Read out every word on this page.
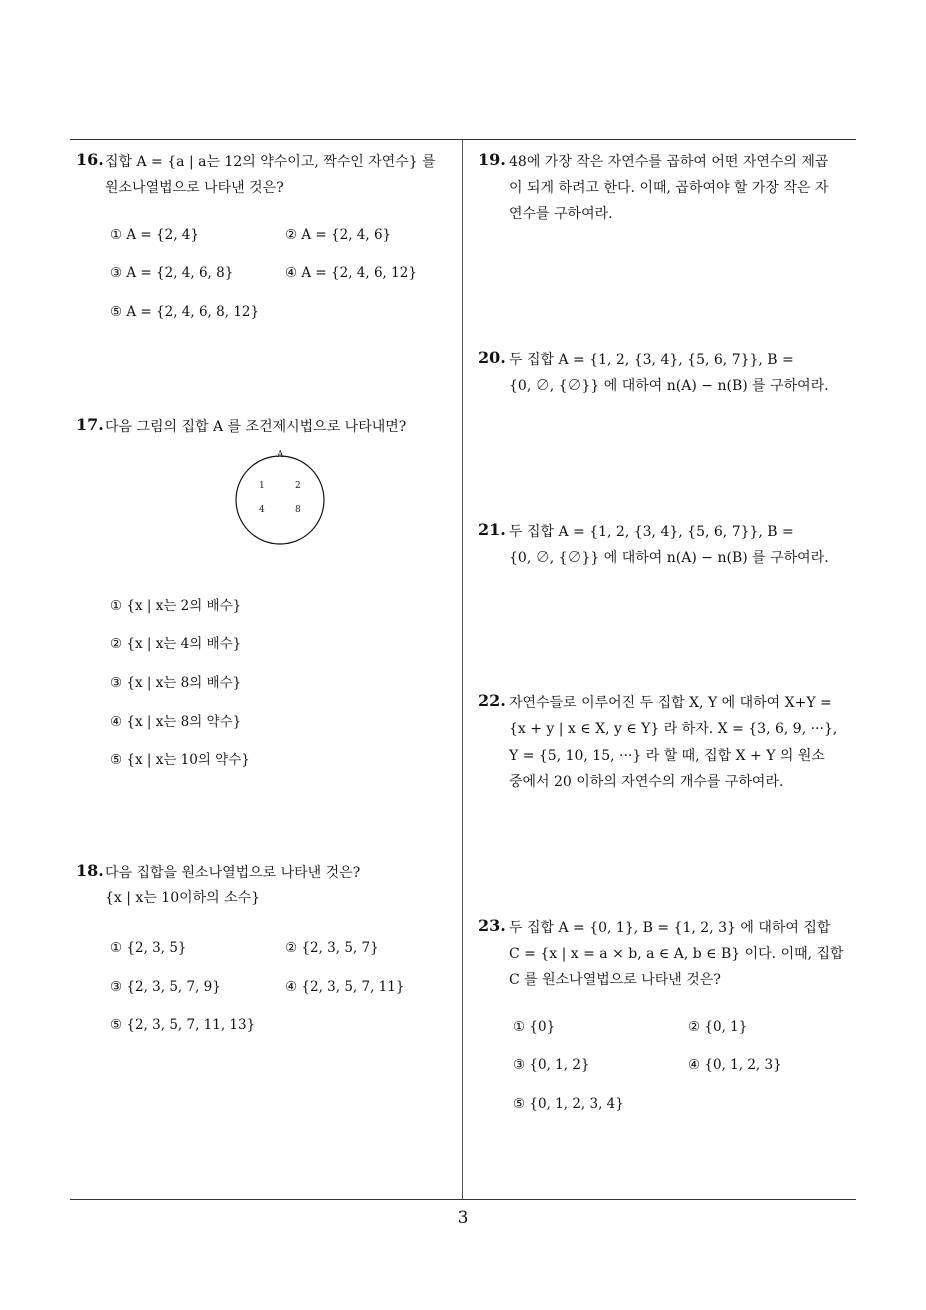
16. 집합 A = {a | a는 12의 약수이고, 짝수인 자연수} 를
원소나열법으로 나타낸 것은?
① A = {2, 4}	② A = {2, 4, 6}
③ A = {2, 4, 6, 8}	④ A = {2, 4, 6, 12}
⑤ A = {2, 4, 6, 8, 12}
17. 다음 그림의 집합 A 를 조건제시법으로 나타내면?
A
1	2
4	8
① {x | x는 2의 배수}
② {x | x는 4의 배수}
③ {x | x는 8의 배수}
④ {x | x는 8의 약수}
⑤ {x | x는 10의 약수}
18. 다음 집합을 원소나열법으로 나타낸 것은?
{x | x는 10이하의 소수}
① {2, 3, 5}	② {2, 3, 5, 7}
③ {2, 3, 5, 7, 9}	④ {2, 3, 5, 7, 11}
⑤ {2, 3, 5, 7, 11, 13}
19. 48에 가장 작은 자연수를 곱하여 어떤 자연수의 제곱
이 되게 하려고 한다. 이때, 곱하여야 할 가장 작은 자
연수를 구하여라.
20. 두 집합 A = {1, 2, {3, 4}, {5, 6, 7}}, B =
{0, ∅, {∅}} 에 대하여 n(A) − n(B) 를 구하여라.
21. 두 집합 A = {1, 2, {3, 4}, {5, 6, 7}}, B =
{0, ∅, {∅}} 에 대하여 n(A) − n(B) 를 구하여라.
22. 자연수들로 이루어진 두 집합 X, Y 에 대하여 X+Y =
{x + y | x ∈ X, y ∈ Y} 라 하자. X = {3, 6, 9, ···},
Y = {5, 10, 15, ···} 라 할 때, 집합 X + Y 의 원소
중에서 20 이하의 자연수의 개수를 구하여라.
23. 두 집합 A = {0, 1}, B = {1, 2, 3} 에 대하여 집합
C = {x | x = a × b, a ∈ A, b ∈ B} 이다. 이때, 집합
C 를 원소나열법으로 나타낸 것은?
① {0}	② {0, 1}
③ {0, 1, 2}	④ {0, 1, 2, 3}
⑤ {0, 1, 2, 3, 4}
3
